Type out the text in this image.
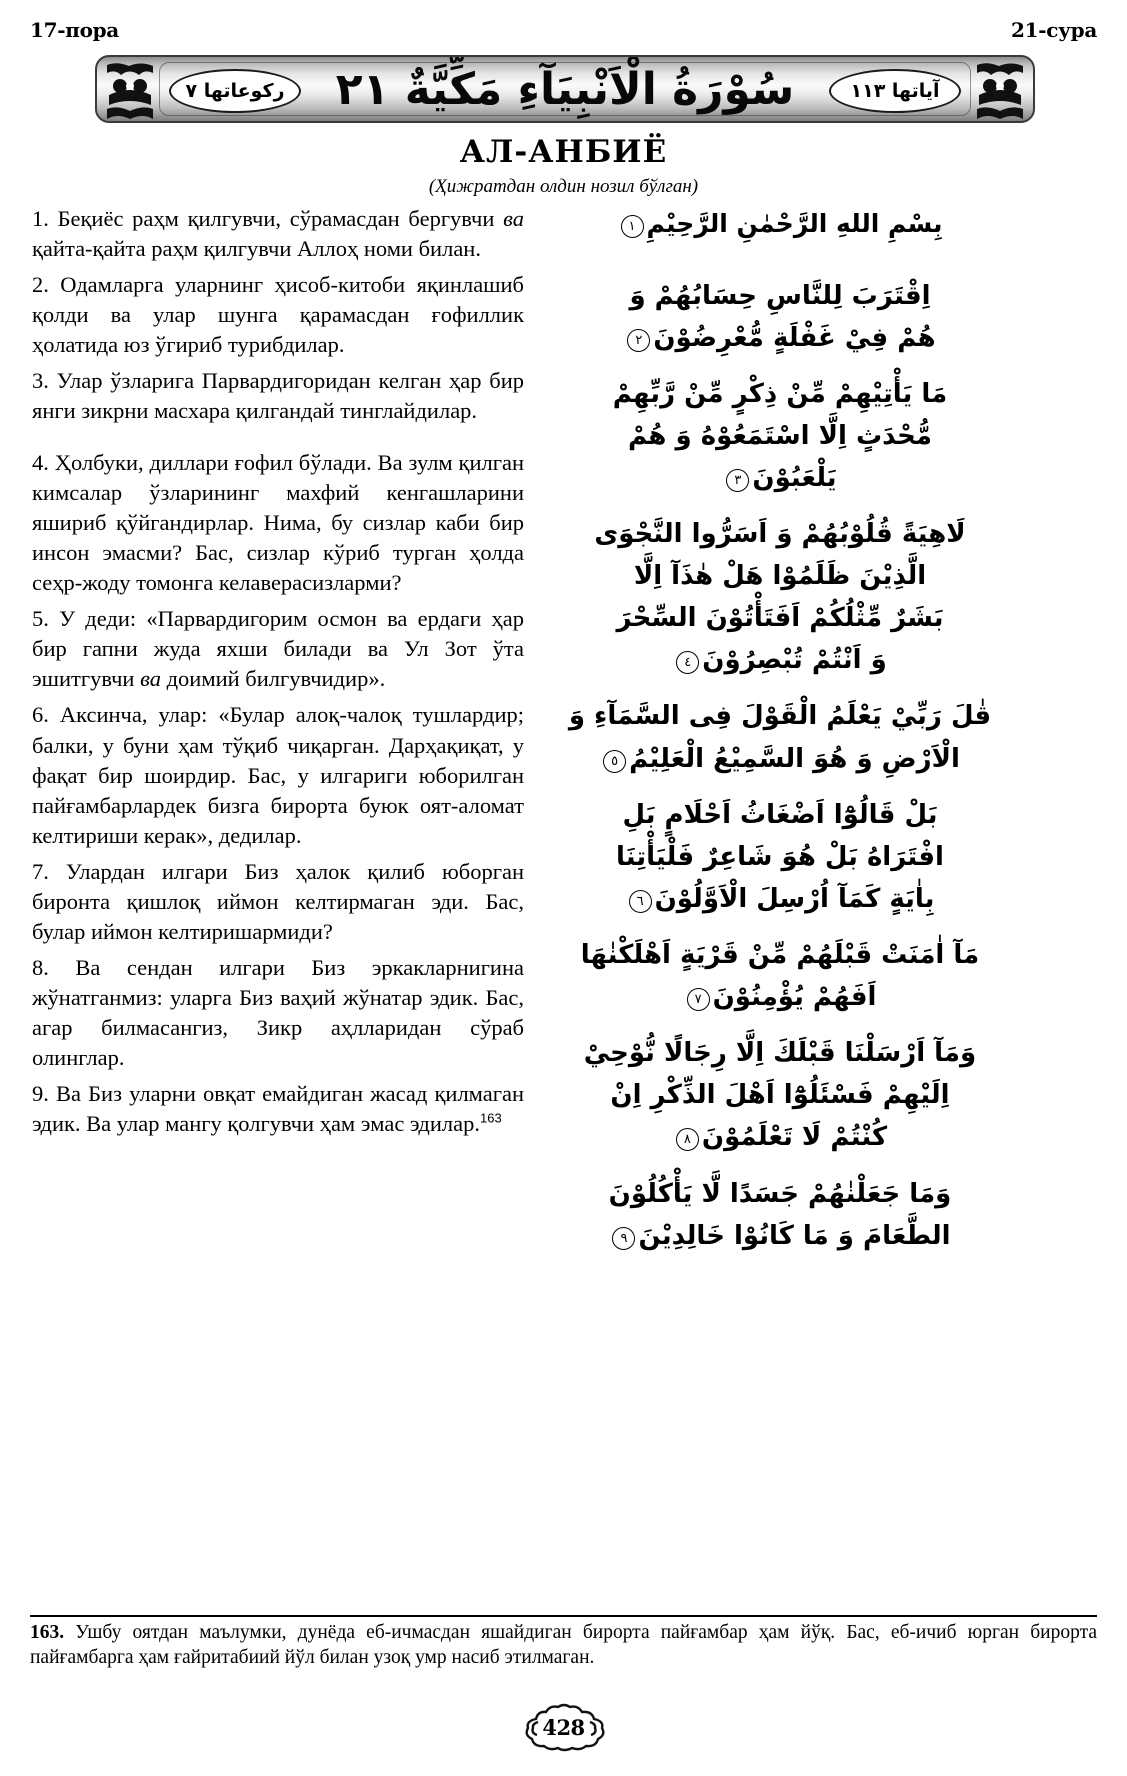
17-пора	21-сура
ركوعاتها ٧	سُوْرَةُ الْاَنْبِيَآءِ مَكِّيَّةٌ ٢١	آياتها ١١٣
АЛ-АНБИЁ
(Ҳижратдан олдин нозил бўлган)

1. Беқиёс раҳм қилгувчи, сўрамасдан бергувчи ва қайта-қайта раҳм қилгувчи Аллоҳ номи билан.

2. Одамларга уларнинг ҳисоб-китоби яқинлашиб қолди ва улар шунга қарамасдан ғофиллик ҳолатида юз ўгириб турибдилар.

3. Улар ўзларига Парвардигоридан келган ҳар бир янги зикрни масхара қилгандай тинглайдилар.

4. Ҳолбуки, диллари ғофил бўлади. Ва зулм қилган кимсалар ўзларининг махфий кенгашларини яшириб қўйгандирлар. Нима, бу сизлар каби бир инсон эмасми? Бас, сизлар кўриб турган ҳолда сеҳр-жоду томонга келаверасизларми?

5. У деди: «Парвардигорим осмон ва ердаги ҳар бир гапни жуда яхши билади ва Ул Зот ўта эшитгувчи ва доимий билгувчидир».

6. Аксинча, улар: «Булар алоқ-чалоқ тушлардир; балки, у буни ҳам тўқиб чиқарган. Дарҳақиқат, у фақат бир шоирдир. Бас, у илгариги юборилган пайғамбарлардек бизга бирорта буюк оят-аломат келтириши керак», дедилар.

7. Улардан илгари Биз ҳалок қилиб юборган биронта қишлоқ иймон келтирмаган эди. Бас, булар иймон келтиришармиди?

8. Ва сендан илгари Биз эркакларнигина жўнатганмиз: уларга Биз ваҳий жўнатар эдик. Бас, агар билмасангиз, Зикр аҳлларидан сўраб олинглар.

9. Ва Биз уларни овқат емайдиган жасад қилмаган эдик. Ва улар мангу қолгувчи ҳам эмас эдилар.$^{163}$

بِسْمِ اللهِ الرَّحْمٰنِ الرَّحِيْمِ١

اِقْتَرَبَ لِلنَّاسِ حِسَابُهُمْ وَ
هُمْ فِيْ غَفْلَةٍ مُّعْرِضُوْنَ٢

مَا يَأْتِيْهِمْ مِّنْ ذِكْرٍ مِّنْ رَّبِّهِمْ
مُّحْدَثٍ اِلَّا اسْتَمَعُوْهُ وَ هُمْ
يَلْعَبُوْنَ٣

لَاهِيَةً قُلُوْبُهُمْ وَ اَسَرُّوا النَّجْوَى
الَّذِيْنَ ظَلَمُوْا هَلْ هٰذَآ اِلَّا
بَشَرٌ مِّثْلُكُمْ اَفَتَأْتُوْنَ السِّحْرَ
وَ اَنْتُمْ تُبْصِرُوْنَ٤

قٰلَ رَبِّيْ يَعْلَمُ الْقَوْلَ فِى السَّمَآءِ وَ
الْاَرْضِ وَ هُوَ السَّمِيْعُ الْعَلِيْمُ٥

بَلْ قَالُوْٓا اَضْغَاثُ اَحْلَامٍ بَلِ
افْتَرَاهُ بَلْ هُوَ شَاعِرٌ فَلْيَأْتِنَا
بِاٰيَةٍ كَمَآ اُرْسِلَ الْاَوَّلُوْنَ٦

مَآ اٰمَنَتْ قَبْلَهُمْ مِّنْ قَرْيَةٍ اَهْلَكْنٰهَا
اَفَهُمْ يُؤْمِنُوْنَ٧

وَمَآ اَرْسَلْنَا قَبْلَكَ اِلَّا رِجَالًا نُّوْحِيْ
اِلَيْهِمْ فَسْئَلُوْٓا اَهْلَ الذِّكْرِ اِنْ
كُنْتُمْ لَا تَعْلَمُوْنَ٨

وَمَا جَعَلْنٰهُمْ جَسَدًا لَّا يَأْكُلُوْنَ
الطَّعَامَ وَ مَا كَانُوْا خَالِدِيْنَ٩

163. Ушбу оятдан маълумки, дунёда еб-ичмасдан яшайдиган бирорта пайғамбар ҳам йўқ. Бас, еб-ичиб юрган бирорта пайғамбарга ҳам ғайритабиий йўл билан узоқ умр насиб этилмаган.
428
